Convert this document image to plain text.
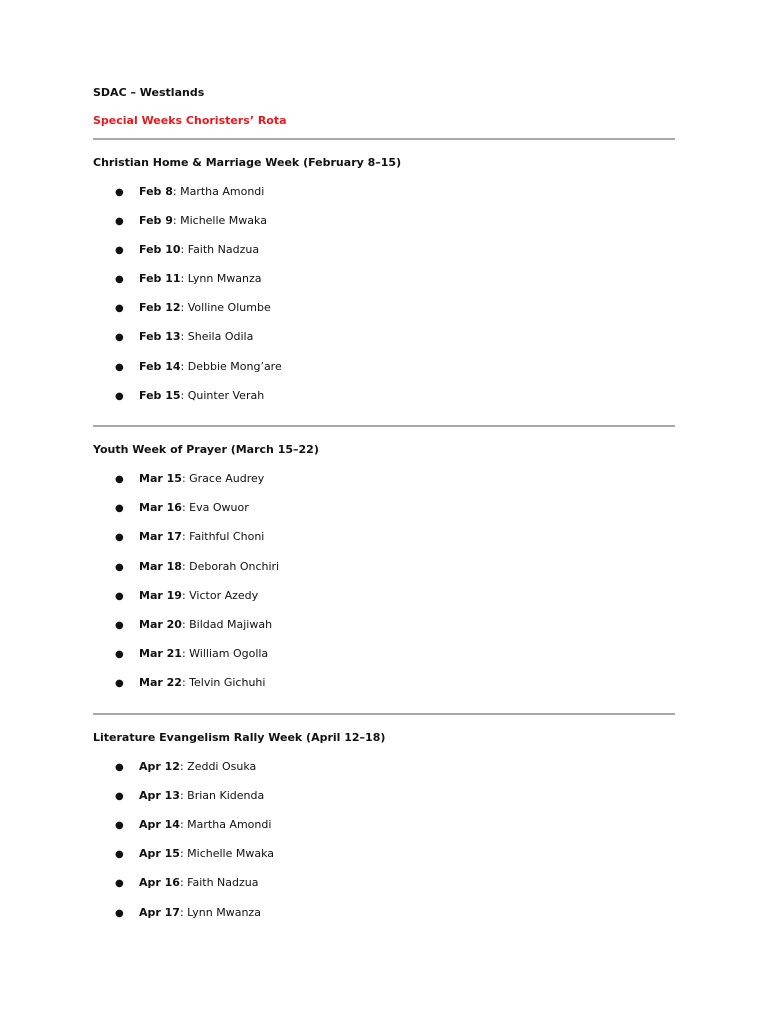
SDAC – Westlands
Special Weeks Choristers’ Rota
Christian Home & Marriage Week (February 8–15)
● Feb 8: Martha Amondi
● Feb 9: Michelle Mwaka
● Feb 10: Faith Nadzua
● Feb 11: Lynn Mwanza
● Feb 12: Volline Olumbe
● Feb 13: Sheila Odila
● Feb 14: Debbie Mong’are
● Feb 15: Quinter Verah
Youth Week of Prayer (March 15–22)
● Mar 15: Grace Audrey
● Mar 16: Eva Owuor
● Mar 17: Faithful Choni
● Mar 18: Deborah Onchiri
● Mar 19: Victor Azedy
● Mar 20: Bildad Majiwah
● Mar 21: William Ogolla
● Mar 22: Telvin Gichuhi
Literature Evangelism Rally Week (April 12–18)
● Apr 12: Zeddi Osuka
● Apr 13: Brian Kidenda
● Apr 14: Martha Amondi
● Apr 15: Michelle Mwaka
● Apr 16: Faith Nadzua
● Apr 17: Lynn Mwanza
